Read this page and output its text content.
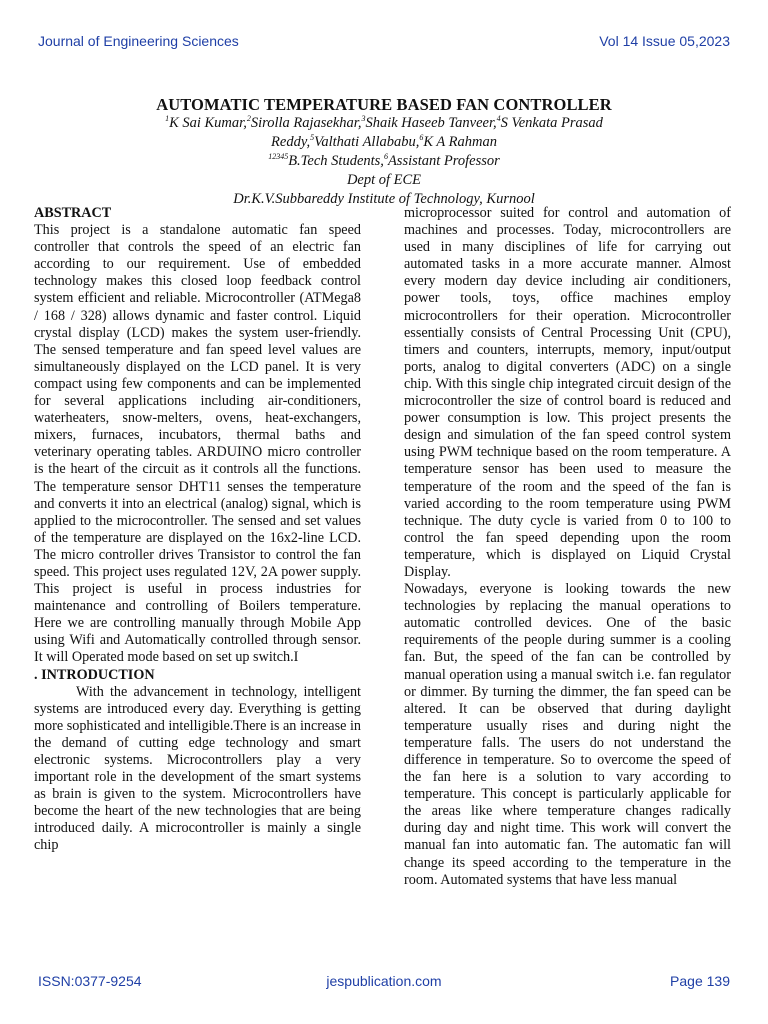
Journal of Engineering Sciences	Vol 14 Issue 05,2023
AUTOMATIC TEMPERATURE BASED FAN CONTROLLER
$^1$K Sai Kumar,$^2$Sirolla Rajasekhar,$^3$Shaik Haseeb Tanveer,$^4$S Venkata Prasad
Reddy,$^5$Valthati Allababu,$^6$K A Rahman
$^{12345}$B.Tech Students,$^6$Assistant Professor
Dept of ECE
Dr.K.V.Subbareddy Institute of Technology, Kurnool

ABSTRACT

This project is a standalone automatic fan speed controller that controls the speed of an electric fan according to our requirement. Use of embedded technology makes this closed loop feedback control system efficient and reliable. Microcontroller (ATMega8 / 168 / 328) allows dynamic and faster control. Liquid crystal display (LCD) makes the system user-friendly. The sensed temperature and fan speed level values are simultaneously displayed on the LCD panel. It is very compact using few components and can be implemented for several applications including air-conditioners, waterheaters, snow-melters, ovens, heat-exchangers, mixers, furnaces, incubators, thermal baths and veterinary operating tables. ARDUINO micro controller is the heart of the circuit as it controls all the functions. The temperature sensor DHT11 senses the temperature and converts it into an electrical (analog) signal, which is applied to the microcontroller. The sensed and set values of the temperature are displayed on the 16x2-line LCD. The micro controller drives Transistor to control the fan speed. This project uses regulated 12V, 2A power supply. This project is useful in process industries for maintenance and controlling of Boilers temperature. Here we are controlling manually through Mobile App using Wifi and Automatically controlled through sensor. It will Operated mode based on set up switch.I

. INTRODUCTION

With the advancement in technology, intelligent systems are introduced every day. Everything is getting more sophisticated and intelligible.There is an increase in the demand of cutting edge technology and smart electronic systems. Microcontrollers play a very important role in the development of the smart systems as brain is given to the system. Microcontrollers have become the heart of the new technologies that are being introduced daily. A microcontroller is mainly a single chip

microprocessor suited for control and automation of machines and processes. Today, microcontrollers are used in many disciplines of life for carrying out automated tasks in a more accurate manner. Almost every modern day device including air conditioners, power tools, toys, office machines employ microcontrollers for their operation. Microcontroller essentially consists of Central Processing Unit (CPU), timers and counters, interrupts, memory, input/output ports, analog to digital converters (ADC) on a single chip. With this single chip integrated circuit design of the microcontroller the size of control board is reduced and power consumption is low. This project presents the design and simulation of the fan speed control system using PWM technique based on the room temperature. A temperature sensor has been used to measure the temperature of the room and the speed of the fan is varied according to the room temperature using PWM technique. The duty cycle is varied from 0 to 100 to control the fan speed depending upon the room temperature, which is displayed on Liquid Crystal Display.

Nowadays, everyone is looking towards the new technologies by replacing the manual operations to automatic controlled devices. One of the basic requirements of the people during summer is a cooling fan. But, the speed of the fan can be controlled by manual operation using a manual switch i.e. fan regulator or dimmer. By turning the dimmer, the fan speed can be altered. It can be observed that during daylight temperature usually rises and during night the temperature falls. The users do not understand the difference in temperature. So to overcome the speed of the fan here is a solution to vary according to temperature. This concept is particularly applicable for the areas like where temperature changes radically during day and night time. This work will convert the manual fan into automatic fan. The automatic fan will change its speed according to the temperature in the room. Automated systems that have less manual

ISSN:0377-9254	jespublication.com	Page 139
